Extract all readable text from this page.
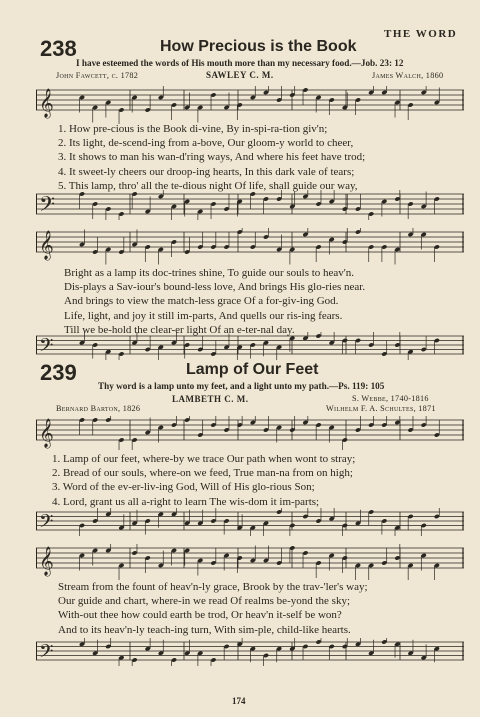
THE WORD
238	How Precious is the Book
I have esteemed the words of His mouth more than my necessary food.—Job. 23: 12
John Fawcett, c. 1782	SAWLEY C. M.	James Walch, 1860
𝄞
1. How pre-cious is the Book di-vine, By in-spi-ra-tion giv'n;
2. Its light, de-scend-ing from a-bove, Our gloom-y world to cheer,
3. It shows to man his wan-d'ring ways, And where his feet have trod;
4. It sweet-ly cheers our droop-ing hearts, In this dark vale of tears;
5. This lamp, thro' all the te-dious night Of life, shall guide our way,
𝄢
𝄞
Bright as a lamp its doc-trines shine, To guide our souls to heav'n.
Dis-plays a Sav-iour's bound-less love, And brings His glo-ries near.
And brings to view the match-less grace Of a for-giv-ing God.
Life, light, and joy it still im-parts, And quells our ris-ing fears.
Till we be-hold the clear-er light Of an e-ter-nal day.
𝄢
239	Lamp of Our Feet
Thy word is a lamp unto my feet, and a light unto my path.—Ps. 119: 105
LAMBETH C. M.	S. Webbe, 1740-1816
Bernard Barton, 1826	Wilhelm F. A. Schultes, 1871
𝄞
1. Lamp of our feet, where-by we trace Our path when wont to stray;
2. Bread of our souls, where-on we feed, True man-na from on high;
3. Word of the ev-er-liv-ing God, Will of His glo-rious Son;
4. Lord, grant us all a-right to learn The wis-dom it im-parts;
𝄢
𝄞
Stream from the fount of heav'n-ly grace, Brook by the trav-'ler's way;
Our guide and chart, where-in we read Of realms be-yond the sky;
With-out thee how could earth be trod, Or heav'n it-self be won?
And to its heav'n-ly teach-ing turn, With sim-ple, child-like hearts.
𝄢
174
